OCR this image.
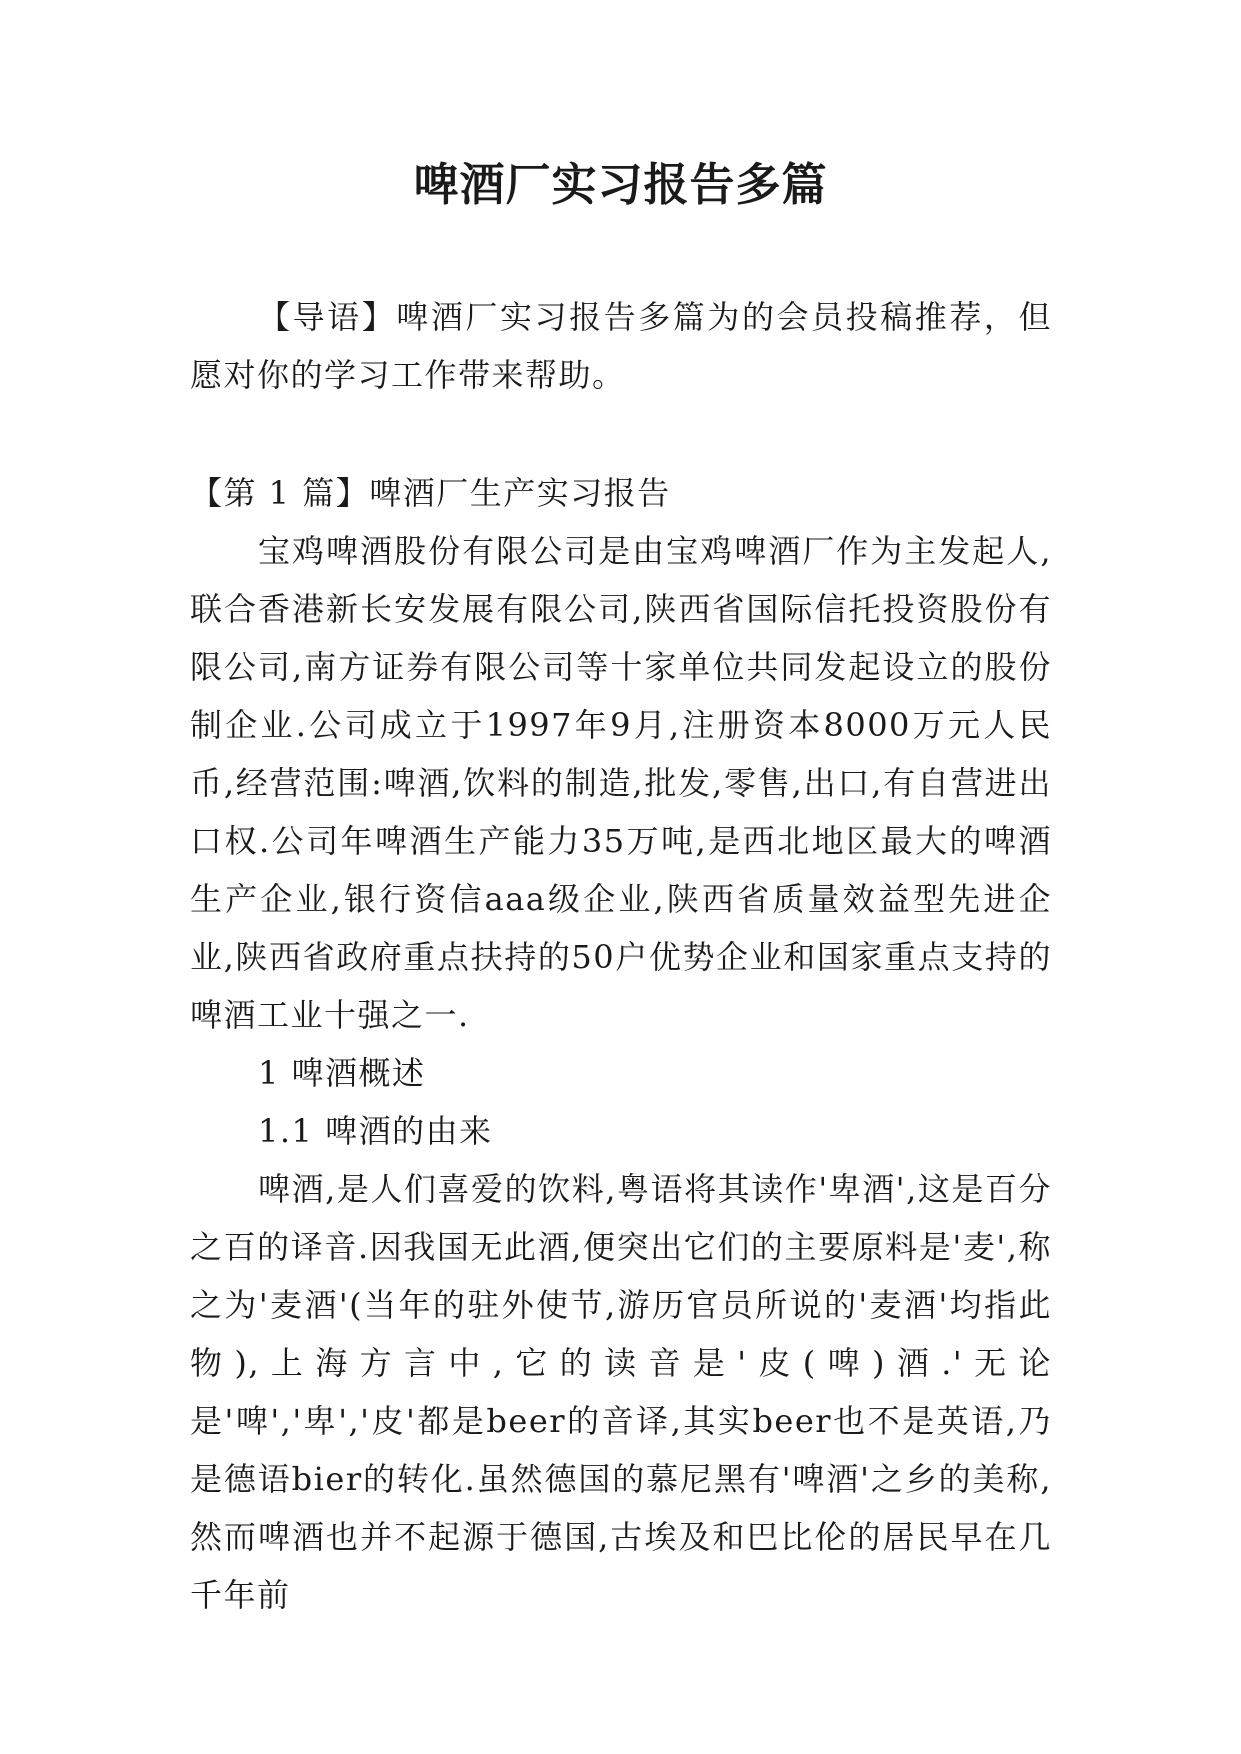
啤酒厂实习报告多篇

【导语】啤酒厂实习报告多篇为的会员投稿推荐，但愿对你的学习工作带来帮助。

【第 1 篇】啤酒厂生产实习报告

宝鸡啤酒股份有限公司是由宝鸡啤酒厂作为主发起人,联合香港新长安发展有限公司,陕西省国际信托投资股份有限公司,南方证券有限公司等十家单位共同发起设立的股份制企业.公司成立于1997年9月,注册资本8000万元人民币,经营范围:啤酒,饮料的制造,批发,零售,出口,有自营进出口权.公司年啤酒生产能力35万吨,是西北地区最大的啤酒生产企业,银行资信aaa级企业,陕西省质量效益型先进企业,陕西省政府重点扶持的50户优势企业和国家重点支持的啤酒工业十强之一.

1 啤酒概述

1.1 啤酒的由来

啤酒,是人们喜爱的饮料,粤语将其读作'卑酒',这是百分之百的译音.因我国无此酒,便突出它们的主要原料是'麦',称之为'麦酒'(当年的驻外使节,游历官员所说的'麦酒'均指此物),上海方言中,它的读音是'皮(啤)酒.'无论是'啤','卑','皮'都是beer的音译,其实beer也不是英语,乃是德语bier的转化.虽然德国的慕尼黑有'啤酒'之乡的美称,然而啤酒也并不起源于德国,古埃及和巴比伦的居民早在几千年前
